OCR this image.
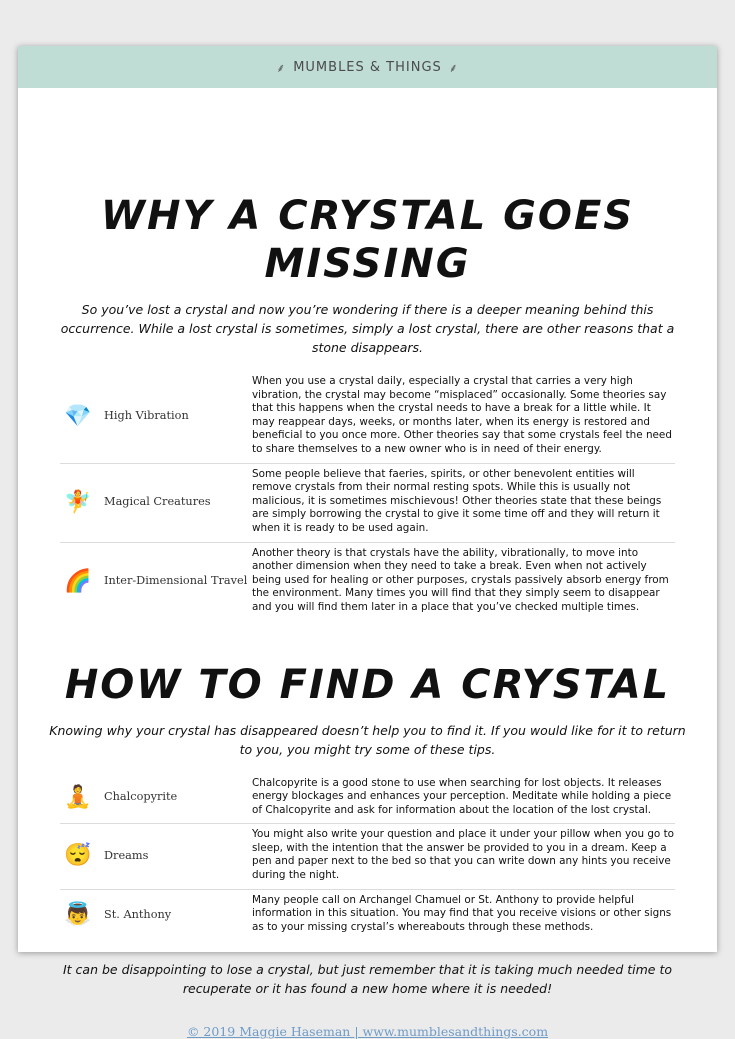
⸙ MUMBLES & THINGS ⸙
WHY A CRYSTAL GOES MISSING

So you’ve lost a crystal and now you’re wondering if there is a deeper meaning behind this occurrence. While a lost crystal is sometimes, simply a lost crystal, there are other reasons that a stone disappears.

💎	High Vibration
When you use a crystal daily, especially a crystal that carries a very high vibration, the crystal may become “misplaced” occasionally. Some theories say that this happens when the crystal needs to have a break for a little while. It may reappear days, weeks, or months later, when its energy is restored and beneficial to you once more. Other theories say that some crystals feel the need to share themselves to a new owner who is in need of their energy.
🧚	Magical Creatures
Some people believe that faeries, spirits, or other benevolent entities will remove crystals from their normal resting spots. While this is usually not malicious, it is sometimes mischievous! Other theories state that these beings are simply borrowing the crystal to give it some time off and they will return it when it is ready to be used again.
🌈	Inter-Dimensional Travel
Another theory is that crystals have the ability, vibrationally, to move into another dimension when they need to take a break. Even when not actively being used for healing or other purposes, crystals passively absorb energy from the environment. Many times you will find that they simply seem to disappear and you will find them later in a place that you’ve checked multiple times.
HOW TO FIND A CRYSTAL

Knowing why your crystal has disappeared doesn’t help you to find it. If you would like for it to return to you, you might try some of these tips.

🧘	Chalcopyrite
Chalcopyrite is a good stone to use when searching for lost objects. It releases energy blockages and enhances your perception. Meditate while holding a piece of Chalcopyrite and ask for information about the location of the lost crystal.
😴	Dreams
You might also write your question and place it under your pillow when you go to sleep, with the intention that the answer be provided to you in a dream. Keep a pen and paper next to the bed so that you can write down any hints you receive during the night.
👼	St. Anthony
Many people call on Archangel Chamuel or St. Anthony to provide helpful information in this situation. You may find that you receive visions or other signs as to your missing crystal’s whereabouts through these methods.

It can be disappointing to lose a crystal, but just remember that it is taking much needed time to recuperate or it has found a new home where it is needed!

© 2019 Maggie Haseman | www.mumblesandthings.com
